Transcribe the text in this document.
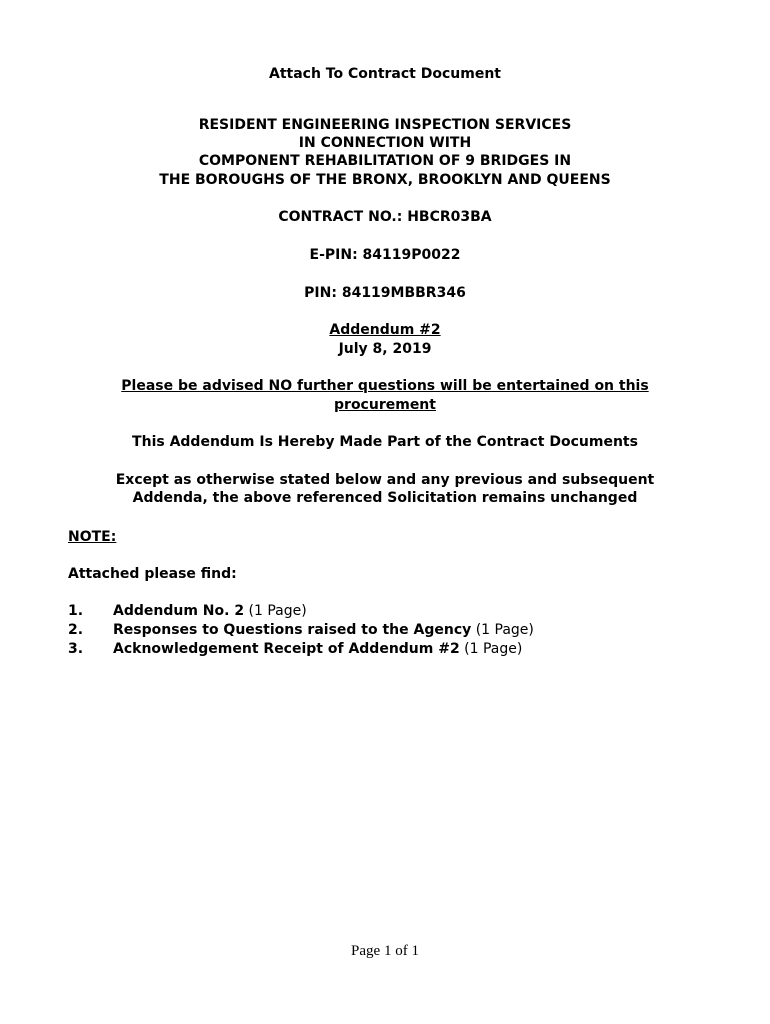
Attach To Contract Document
RESIDENT ENGINEERING INSPECTION SERVICES
IN CONNECTION WITH
COMPONENT REHABILITATION OF 9 BRIDGES IN
THE BOROUGHS OF THE BRONX, BROOKLYN AND QUEENS
CONTRACT NO.: HBCR03BA
E-PIN: 84119P0022
PIN: 84119MBBR346
Addendum #2
July 8, 2019
Please be advised NO further questions will be entertained on this
procurement
This Addendum Is Hereby Made Part of the Contract Documents
Except as otherwise stated below and any previous and subsequent
Addenda, the above referenced Solicitation remains unchanged
NOTE:
Attached please find:
1. Addendum No. 2 (1 Page)
2. Responses to Questions raised to the Agency (1 Page)
3. Acknowledgement Receipt of Addendum #2 (1 Page)
Page 1 of 1
